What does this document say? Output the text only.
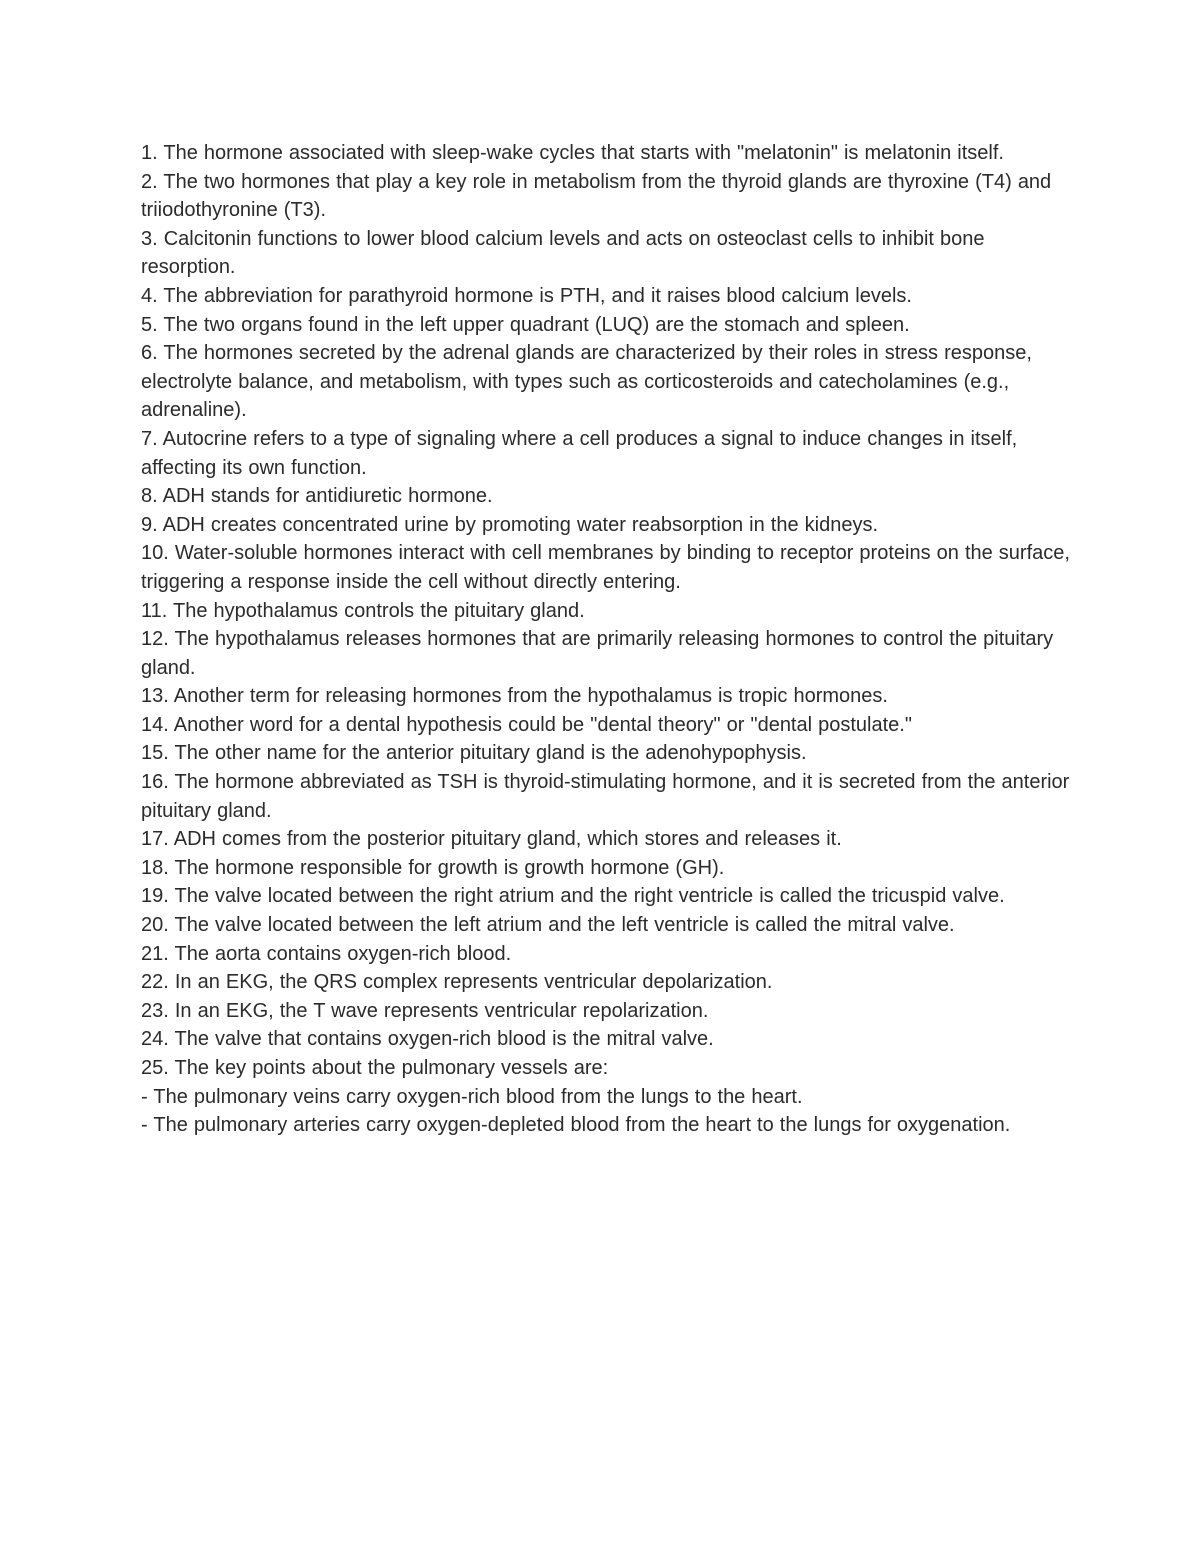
1. The hormone associated with sleep-wake cycles that starts with "melatonin" is melatonin itself.

2. The two hormones that play a key role in metabolism from the thyroid glands are thyroxine (T4) and triiodothyronine (T3).

3. Calcitonin functions to lower blood calcium levels and acts on osteoclast cells to inhibit bone resorption.

4. The abbreviation for parathyroid hormone is PTH, and it raises blood calcium levels.

5. The two organs found in the left upper quadrant (LUQ) are the stomach and spleen.

6. The hormones secreted by the adrenal glands are characterized by their roles in stress response, electrolyte balance, and metabolism, with types such as corticosteroids and catecholamines (e.g., adrenaline).

7. Autocrine refers to a type of signaling where a cell produces a signal to induce changes in itself, affecting its own function.

8. ADH stands for antidiuretic hormone.

9. ADH creates concentrated urine by promoting water reabsorption in the kidneys.

10. Water-soluble hormones interact with cell membranes by binding to receptor proteins on the surface, triggering a response inside the cell without directly entering.

11. The hypothalamus controls the pituitary gland.

12. The hypothalamus releases hormones that are primarily releasing hormones to control the pituitary gland.

13. Another term for releasing hormones from the hypothalamus is tropic hormones.

14. Another word for a dental hypothesis could be "dental theory" or "dental postulate."

15. The other name for the anterior pituitary gland is the adenohypophysis.

16. The hormone abbreviated as TSH is thyroid-stimulating hormone, and it is secreted from the anterior pituitary gland.

17. ADH comes from the posterior pituitary gland, which stores and releases it.

18. The hormone responsible for growth is growth hormone (GH).

19. The valve located between the right atrium and the right ventricle is called the tricuspid valve.

20. The valve located between the left atrium and the left ventricle is called the mitral valve.

21. The aorta contains oxygen-rich blood.

22. In an EKG, the QRS complex represents ventricular depolarization.

23. In an EKG, the T wave represents ventricular repolarization.

24. The valve that contains oxygen-rich blood is the mitral valve.

25. The key points about the pulmonary vessels are:

- The pulmonary veins carry oxygen-rich blood from the lungs to the heart.

- The pulmonary arteries carry oxygen-depleted blood from the heart to the lungs for oxygenation.
